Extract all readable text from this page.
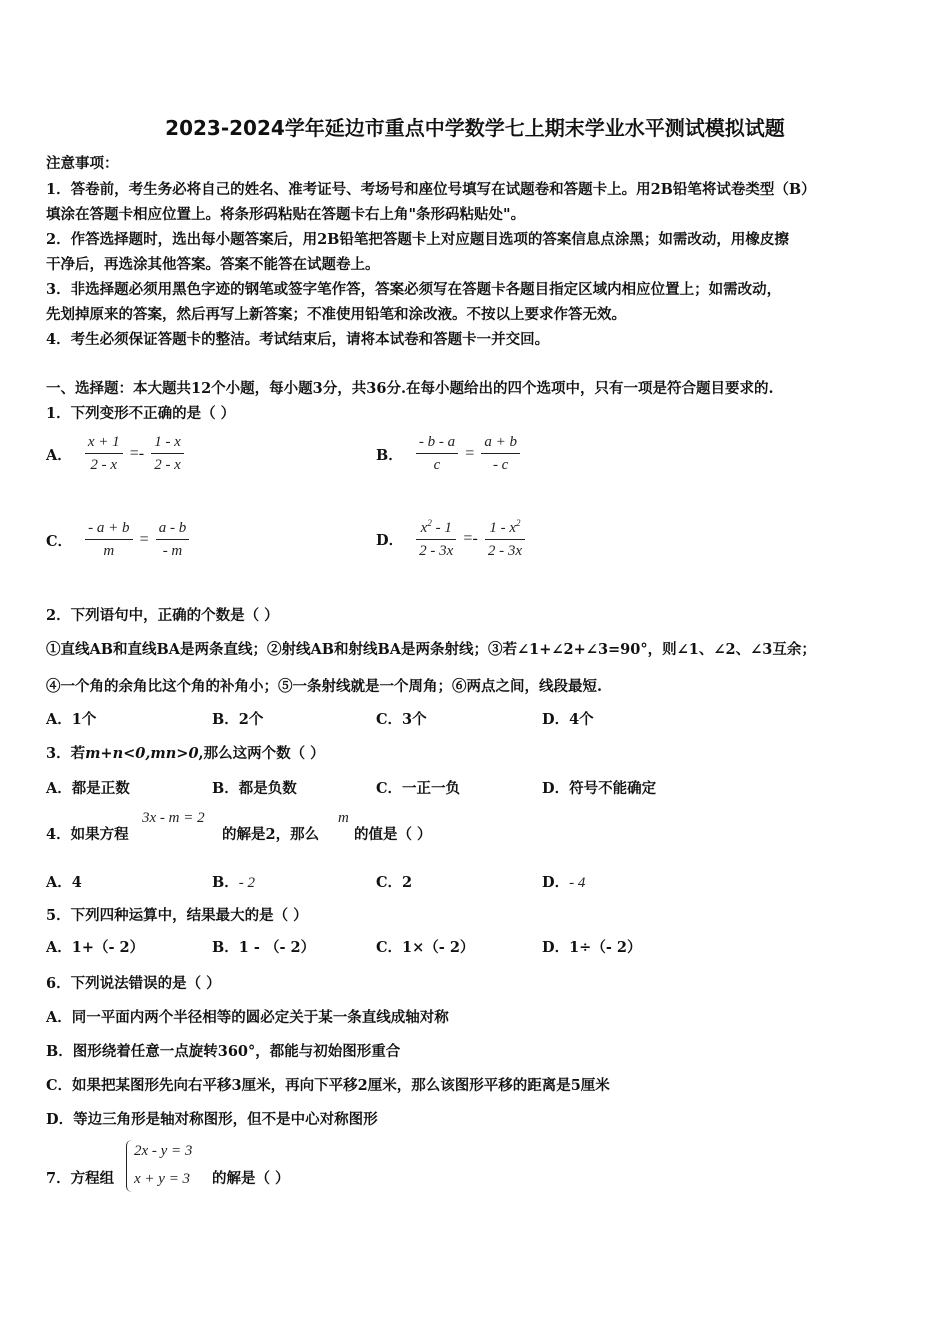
2023-2024学年延边市重点中学数学七上期末学业水平测试模拟试题
注意事项：
1．答卷前，考生务必将自己的姓名、准考证号、考场号和座位号填写在试题卷和答题卡上。用2B铅笔将试卷类型（B）
填涂在答题卡相应位置上。将条形码粘贴在答题卡右上角"条形码粘贴处"。
2．作答选择题时，选出每小题答案后，用2B铅笔把答题卡上对应题目选项的答案信息点涂黑；如需改动，用橡皮擦
干净后，再选涂其他答案。答案不能答在试题卷上。
3．非选择题必须用黑色字迹的钢笔或签字笔作答，答案必须写在答题卡各题目指定区域内相应位置上；如需改动，
先划掉原来的答案，然后再写上新答案；不准使用铅笔和涂改液。不按以上要求作答无效。
4．考生必须保证答题卡的整洁。考试结束后，请将本试卷和答题卡一并交回。
一、选择题：本大题共12个小题，每小题3分，共36分.在每小题给出的四个选项中，只有一项是符合题目要求的.
1．下列变形不正确的是（ ）
A． $\frac{x + 1}{2 - x} =- \frac{1 - x}{2 - x}$	B． $\frac{- b - a}{c} = \frac{a + b}{- c}$
C． $\frac{- a + b}{m} = \frac{a - b}{- m}$	D． $\frac{x^2 - 1}{2 - 3x} =- \frac{1 - x^2}{2 - 3x}$
2．下列语句中，正确的个数是（ ）
①直线AB和直线BA是两条直线；②射线AB和射线BA是两条射线；③若∠1+∠2+∠3=90°，则∠1、∠2、∠3互余；
④一个角的余角比这个角的补角小；⑤一条射线就是一个周角；⑥两点之间，线段最短.
A．1个	B．2个	C．3个	D．4个
3．若m+n<0,mn>0,那么这两个数（ ）
A．都是正数	B．都是负数	C．一正一负	D．符号不能确定
4．如果方程
3x - m = 2
的解是2，那么
m
的值是（ ）
A．4	B．- 2	C．2	D．- 4
5．下列四种运算中，结果最大的是（ ）
A．1+（- 2）	B．1 - （- 2）	C．1×（- 2）	D．1÷（- 2）
6．下列说法错误的是（ ）
A．同一平面内两个半径相等的圆必定关于某一条直线成轴对称
B．图形绕着任意一点旋转360°，都能与初始图形重合
C．如果把某图形先向右平移3厘米，再向下平移2厘米，那么该图形平移的距离是5厘米
D．等边三角形是轴对称图形，但不是中心对称图形
7．方程组
2x - y = 3
x + y = 3 的解是（ ）
